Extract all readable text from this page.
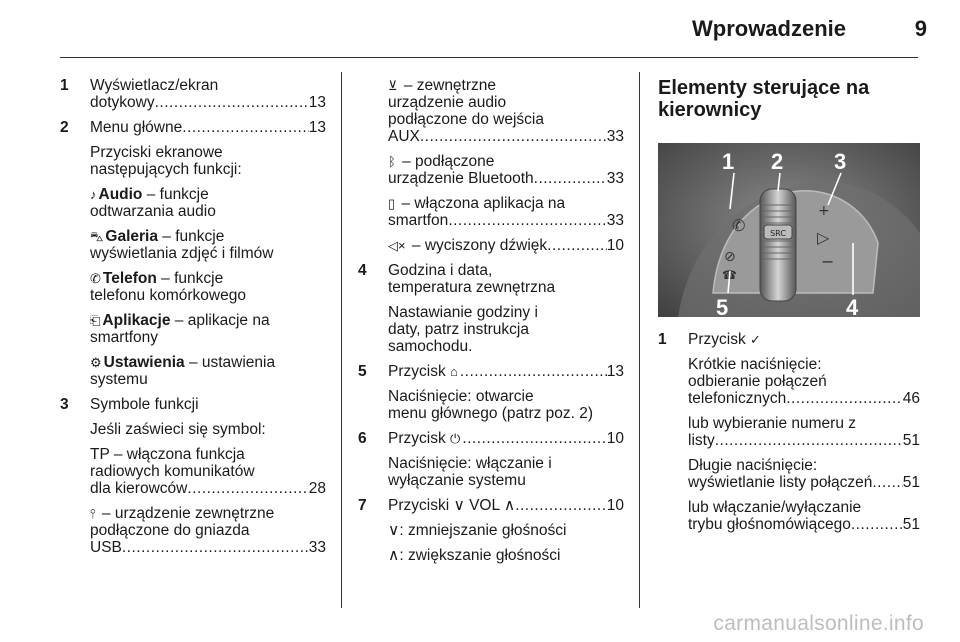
Wprowadzenie	9
1 Wyświetlacz/ekran
dotykowy .....	13
2 Menu główne .....	13
Przyciski ekranowe
następujących funkcji:
♪ Audio – funkcje
odtwarzania audio
⛍ Galeria – funkcje
wyświetlania zdjęć i filmów
✆ Telefon – funkcje
telefonu komórkowego
⎗ Aplikacje – aplikacje na
smartfony
⚙ Ustawienia – ustawienia
systemu
3 Symbole funkcji
Jeśli zaświeci się symbol:
TP – włączona funkcja
radiowych komunikatów
dla kierowców .....	28
⫯ – urządzenie zewnętrzne
podłączone do gniazda
USB .....	33
⊻ – zewnętrzne
urządzenie audio
podłączone do wejścia
AUX .....	33
ᛒ – podłączone
urządzenie Bluetooth .....	33
▯ – włączona aplikacja na
smartfon .....	33
◁× – wyciszony dźwięk .....	10
4 Godzina i data,
temperatura zewnętrzna
Nastawianie godziny i
daty, patrz instrukcja
samochodu.
5 Przycisk ⌂ .....	13
Naciśnięcie: otwarcie
menu głównego (patrz poz. 2)
6 Przycisk ⏻ .....	10
Naciśnięcie: włączanie i
wyłączanie systemu
7 Przyciski ∨ VOL ∧ .....	10
∨: zmniejszanie głośności
∧: zwiększanie głośności
Elementy sterujące na
kierownicy
SRC
✆
+
▷
−
⊘
☎
1 2 3
4
5
1 Przycisk ✓
Krótkie naciśnięcie:
odbieranie połączeń
telefonicznych .....	46
lub wybieranie numeru z
listy .....	51
Długie naciśnięcie:
wyświetlanie listy połączeń ..... 51
lub włączanie/wyłączanie
trybu głośnomówiącego .....	51
carmanualsonline.info
